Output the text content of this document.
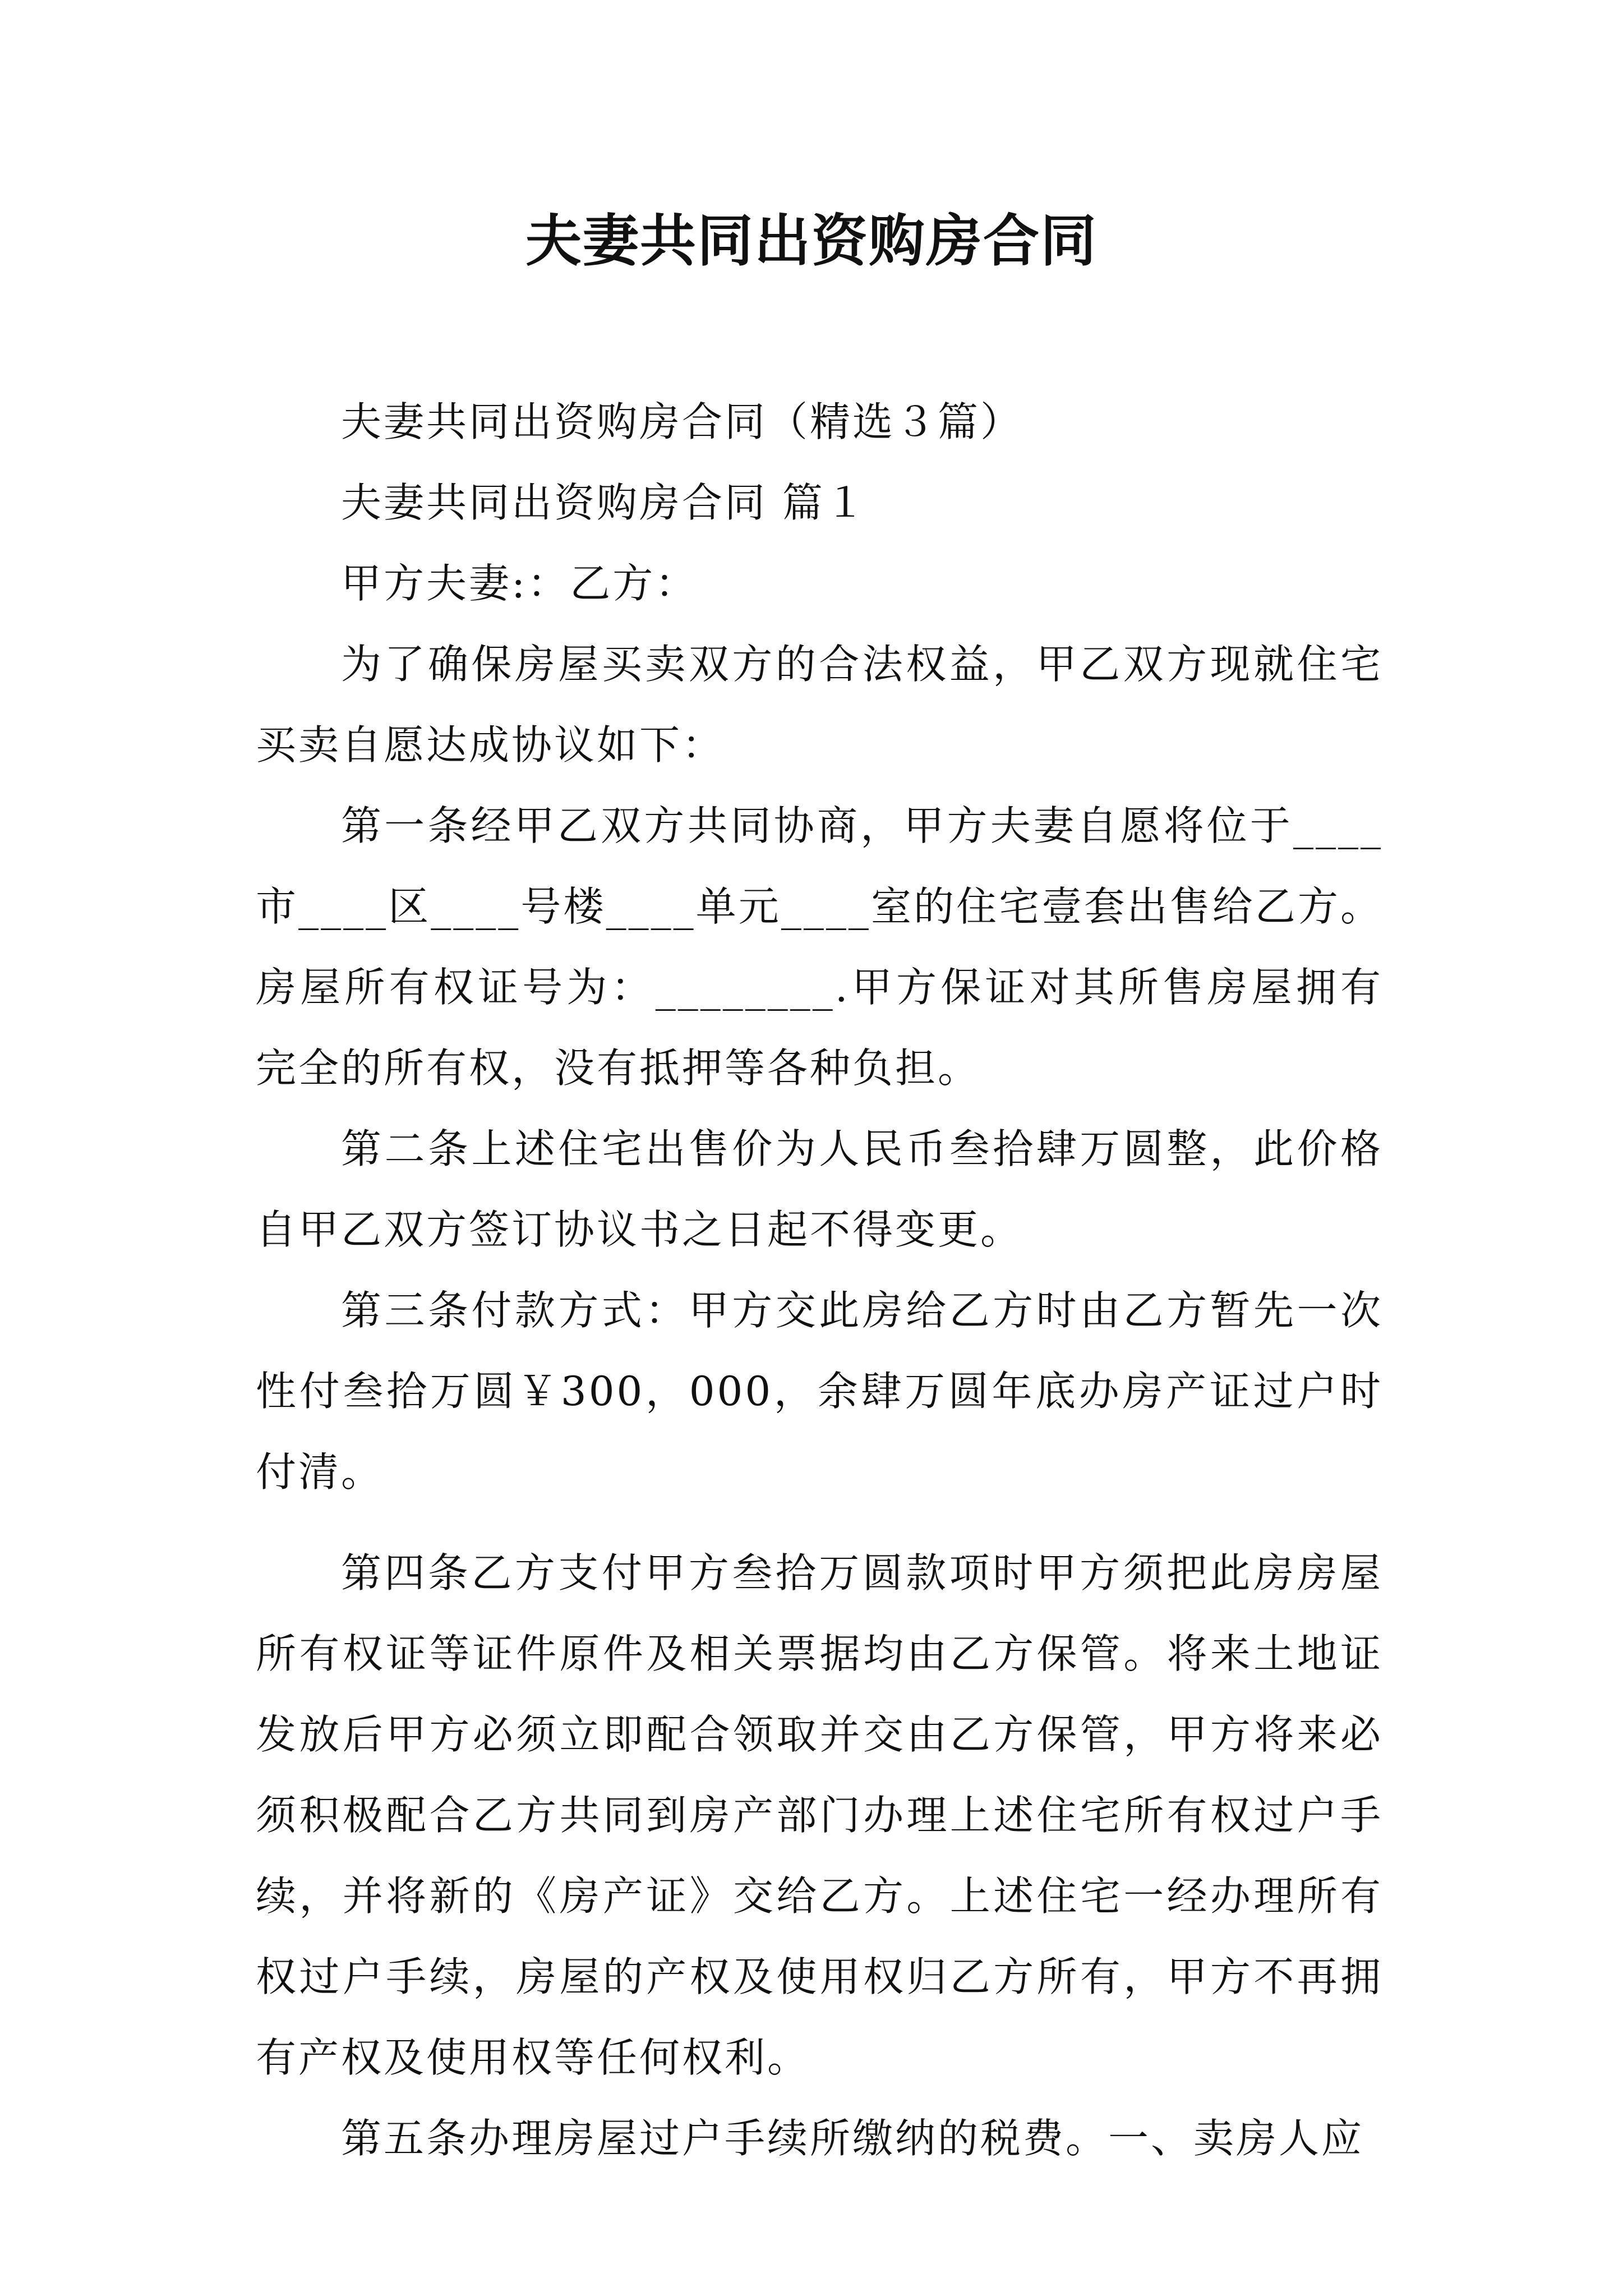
夫妻共同出资购房合同

夫妻共同出资购房合同（精选３篇）

夫妻共同出资购房合同 篇１

甲方夫妻:：乙方：

为了确保房屋买卖双方的合法权益，甲乙双方现就住宅买卖自愿达成协议如下：

第一条经甲乙双方共同协商，甲方夫妻自愿将位于____市____区____号楼____单元____室的住宅壹套出售给乙方。房屋所有权证号为：________.甲方保证对其所售房屋拥有完全的所有权，没有抵押等各种负担。

第二条上述住宅出售价为人民币叁拾肆万圆整，此价格自甲乙双方签订协议书之日起不得变更。

第三条付款方式：甲方交此房给乙方时由乙方暂先一次性付叁拾万圆￥300，000，余肆万圆年底办房产证过户时付清。

第四条乙方支付甲方叁拾万圆款项时甲方须把此房房屋所有权证等证件原件及相关票据均由乙方保管。将来土地证发放后甲方必须立即配合领取并交由乙方保管，甲方将来必须积极配合乙方共同到房产部门办理上述住宅所有权过户手续，并将新的《房产证》交给乙方。上述住宅一经办理所有权过户手续，房屋的产权及使用权归乙方所有，甲方不再拥有产权及使用权等任何权利。

第五条办理房屋过户手续所缴纳的税费。一、卖房人应
